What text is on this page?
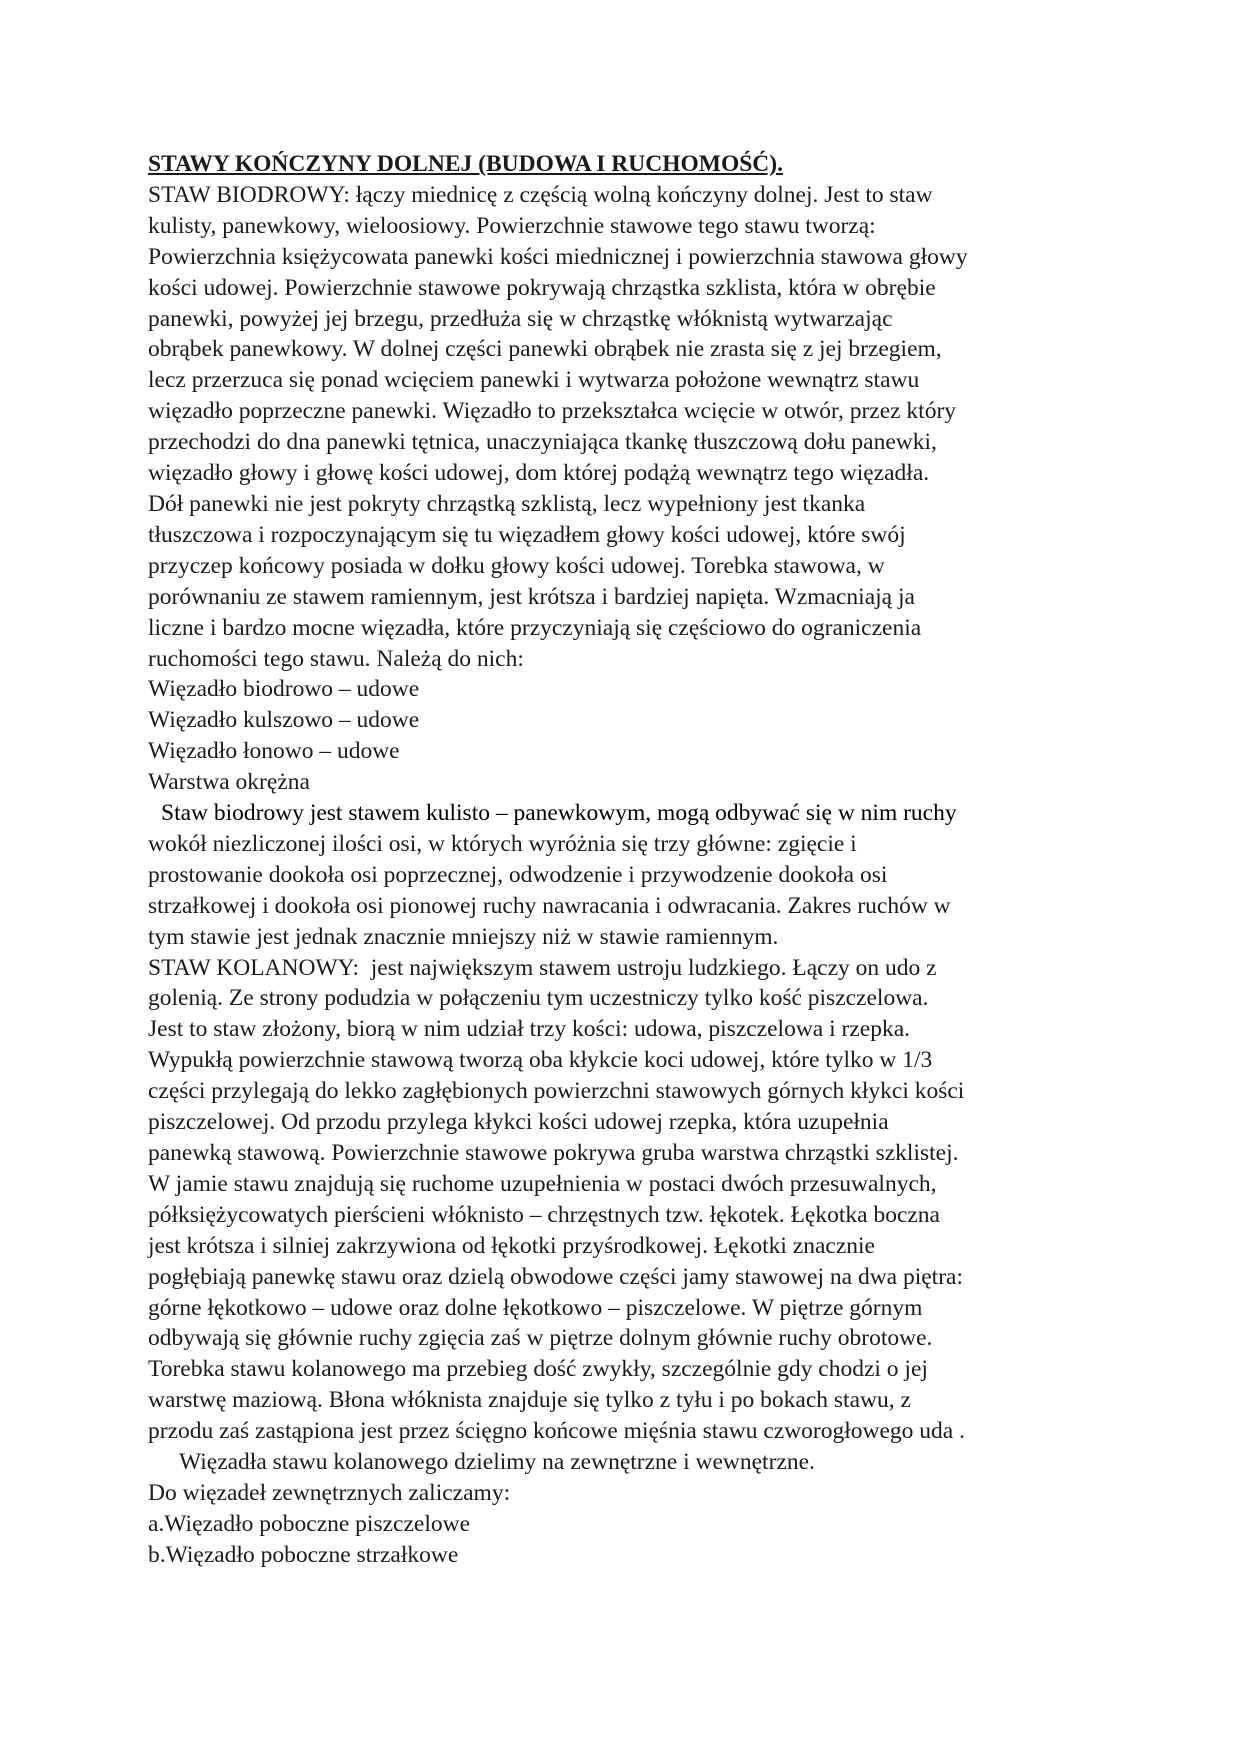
STAWY KOŃCZYNY DOLNEJ (BUDOWA I RUCHOMOŚĆ).
STAW BIODROWY: łączy miednicę z częścią wolną kończyny dolnej. Jest to staw
kulisty, panewkowy, wieloosiowy. Powierzchnie stawowe tego stawu tworzą:
Powierzchnia księżycowata panewki kości miednicznej i powierzchnia stawowa głowy
kości udowej. Powierzchnie stawowe pokrywają chrząstka szklista, która w obrębie
panewki, powyżej jej brzegu, przedłuża się w chrząstkę włóknistą wytwarzając
obrąbek panewkowy. W dolnej części panewki obrąbek nie zrasta się z jej brzegiem,
lecz przerzuca się ponad wcięciem panewki i wytwarza położone wewnątrz stawu
więzadło poprzeczne panewki. Więzadło to przekształca wcięcie w otwór, przez który
przechodzi do dna panewki tętnica, unaczyniająca tkankę tłuszczową dołu panewki,
więzadło głowy i głowę kości udowej, dom której podążą wewnątrz tego więzadła.
Dół panewki nie jest pokryty chrząstką szklistą, lecz wypełniony jest tkanka
tłuszczowa i rozpoczynającym się tu więzadłem głowy kości udowej, które swój
przyczep końcowy posiada w dołku głowy kości udowej. Torebka stawowa, w
porównaniu ze stawem ramiennym, jest krótsza i bardziej napięta. Wzmacniają ja
liczne i bardzo mocne więzadła, które przyczyniają się częściowo do ograniczenia
ruchomości tego stawu. Należą do nich:
Więzadło biodrowo – udowe
Więzadło kulszowo – udowe
Więzadło łonowo – udowe
Warstwa okrężna
Staw biodrowy jest stawem kulisto – panewkowym, mogą odbywać się w nim ruchy
wokół niezliczonej ilości osi, w których wyróżnia się trzy główne: zgięcie i
prostowanie dookoła osi poprzecznej, odwodzenie i przywodzenie dookoła osi
strzałkowej i dookoła osi pionowej ruchy nawracania i odwracania. Zakres ruchów w
tym stawie jest jednak znacznie mniejszy niż w stawie ramiennym.
STAW KOLANOWY:  jest największym stawem ustroju ludzkiego. Łączy on udo z
golenią. Ze strony podudzia w połączeniu tym uczestniczy tylko kość piszczelowa.
Jest to staw złożony, biorą w nim udział trzy kości: udowa, piszczelowa i rzepka.
Wypukłą powierzchnie stawową tworzą oba kłykcie koci udowej, które tylko w 1/3
części przylegają do lekko zagłębionych powierzchni stawowych górnych kłykci kości
piszczelowej. Od przodu przylega kłykci kości udowej rzepka, która uzupełnia
panewką stawową. Powierzchnie stawowe pokrywa gruba warstwa chrząstki szklistej.
W jamie stawu znajdują się ruchome uzupełnienia w postaci dwóch przesuwalnych,
półksiężycowatych pierścieni włóknisto – chrzęstnych tzw. łękotek. Łękotka boczna
jest krótsza i silniej zakrzywiona od łękotki przyśrodkowej. Łękotki znacznie
pogłębiają panewkę stawu oraz dzielą obwodowe części jamy stawowej na dwa piętra:
górne łękotkowo – udowe oraz dolne łękotkowo – piszczelowe. W piętrze górnym
odbywają się głównie ruchy zgięcia zaś w piętrze dolnym głównie ruchy obrotowe.
Torebka stawu kolanowego ma przebieg dość zwykły, szczególnie gdy chodzi o jej
warstwę maziową. Błona włóknista znajduje się tylko z tyłu i po bokach stawu, z
przodu zaś zastąpiona jest przez ścięgno końcowe mięśnia stawu czworogłowego uda .
Więzadła stawu kolanowego dzielimy na zewnętrzne i wewnętrzne.
Do więzadeł zewnętrznych zaliczamy:
a.Więzadło poboczne piszczelowe
b.Więzadło poboczne strzałkowe
